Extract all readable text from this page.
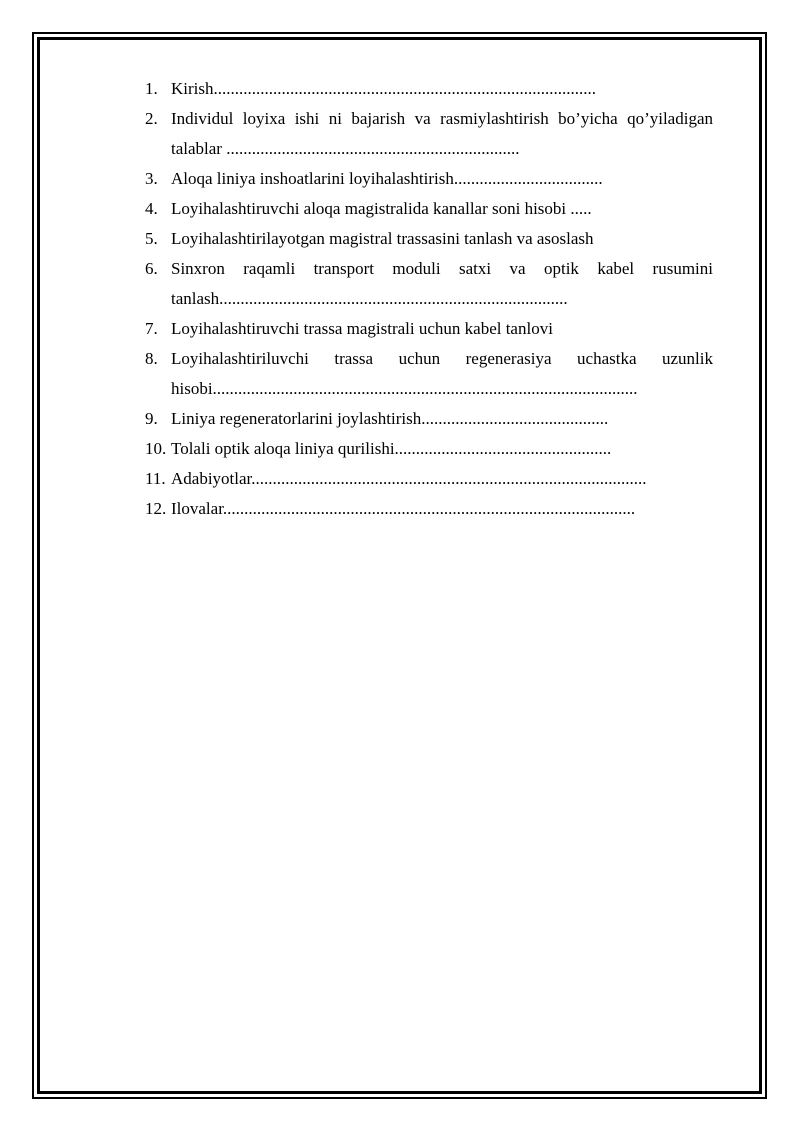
1. Kirish..........................................................................................
2. Individul loyixa ishi ni bajarish va rasmiylashtirish bo’yicha qo’yiladigan talablar .....................................................................
3. Aloqa liniya inshoatlarini loyihalashtirish...................................
4. Loyihalashtiruvchi aloqa magistralida kanallar soni hisobi .....
5. Loyihalashtirilayotgan magistral trassasini tanlash va asoslash
6. Sinxron raqamli transport moduli satxi va optik kabel rusumini tanlash..................................................................................
7. Loyihalashtiruvchi trassa magistrali uchun kabel tanlovi
8. Loyihalashtiriluvchi trassa uchun regenerasiya uchastka uzunlik hisobi....................................................................................................
9. Liniya regeneratorlarini joylashtirish............................................
10. Tolali optik aloqa liniya qurilishi...................................................
11. Adabiyotlar.............................................................................................
12. Ilovalar.................................................................................................
